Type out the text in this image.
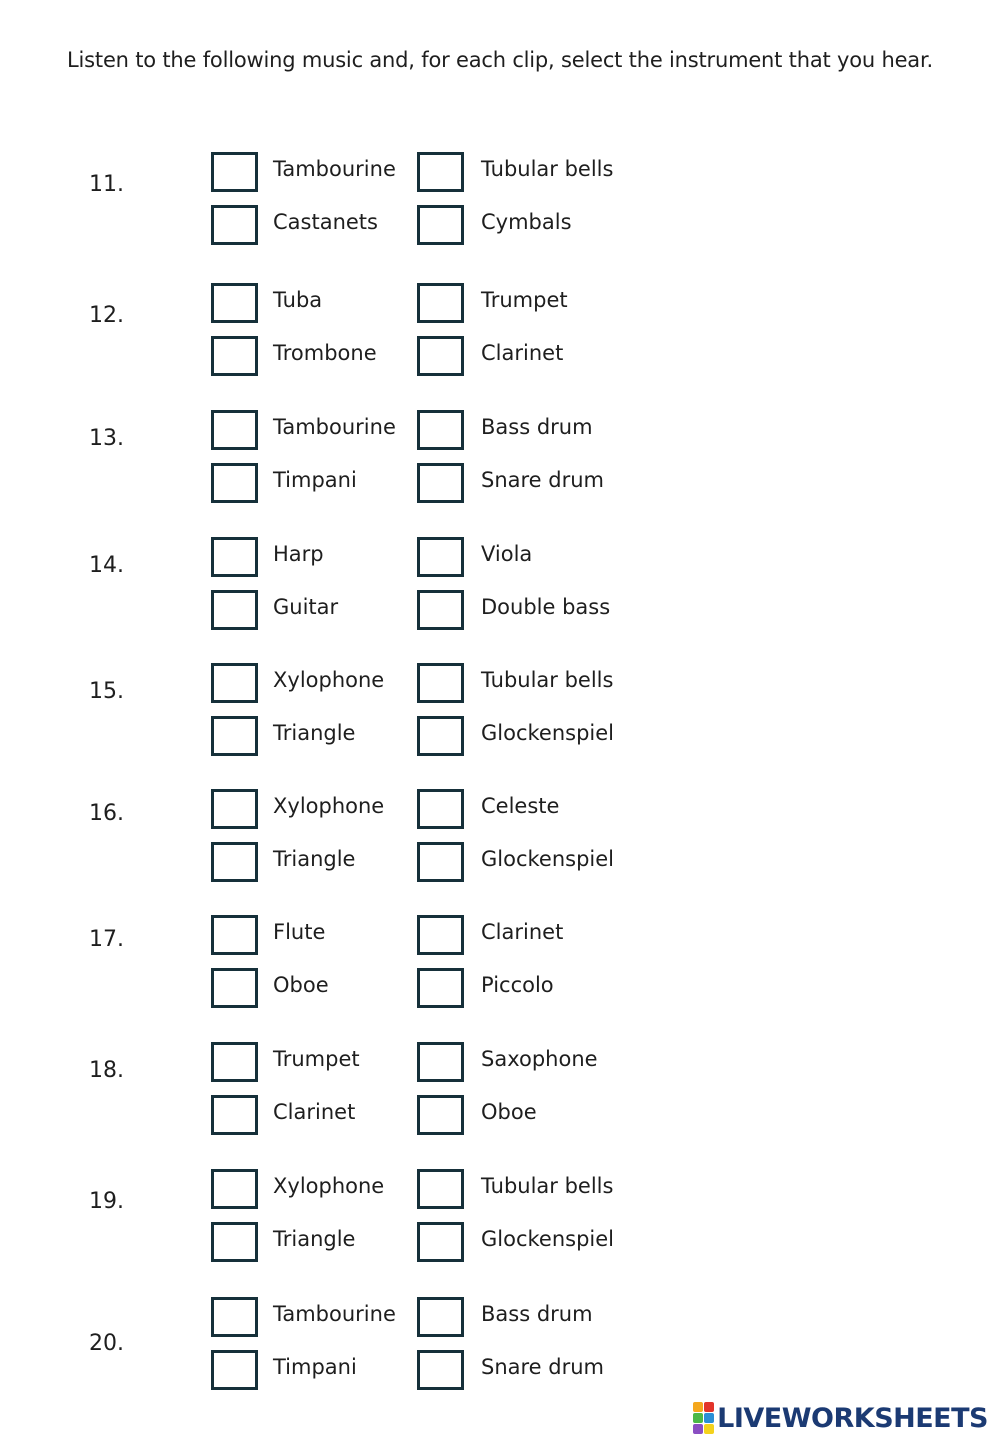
Listen to the following music and, for each clip, select the instrument that you hear.
11.
Tambourine	Tubular bells
Castanets	Cymbals
12.
Tuba	Trumpet
Trombone	Clarinet
13.	Tambourine	Bass drum
Timpani	Snare drum
14.	Harp	Viola
Guitar	Double bass
15.	Xylophone	Tubular bells
Triangle	Glockenspiel
16.	Xylophone	Celeste
Triangle	Glockenspiel
17.	Flute	Clarinet
Oboe	Piccolo
18.	Trumpet	Saxophone
Clarinet	Oboe
19.
Xylophone	Tubular bells
Triangle	Glockenspiel
20.
Tambourine	Bass drum
Timpani	Snare drum
LIVEWORKSHEETS
